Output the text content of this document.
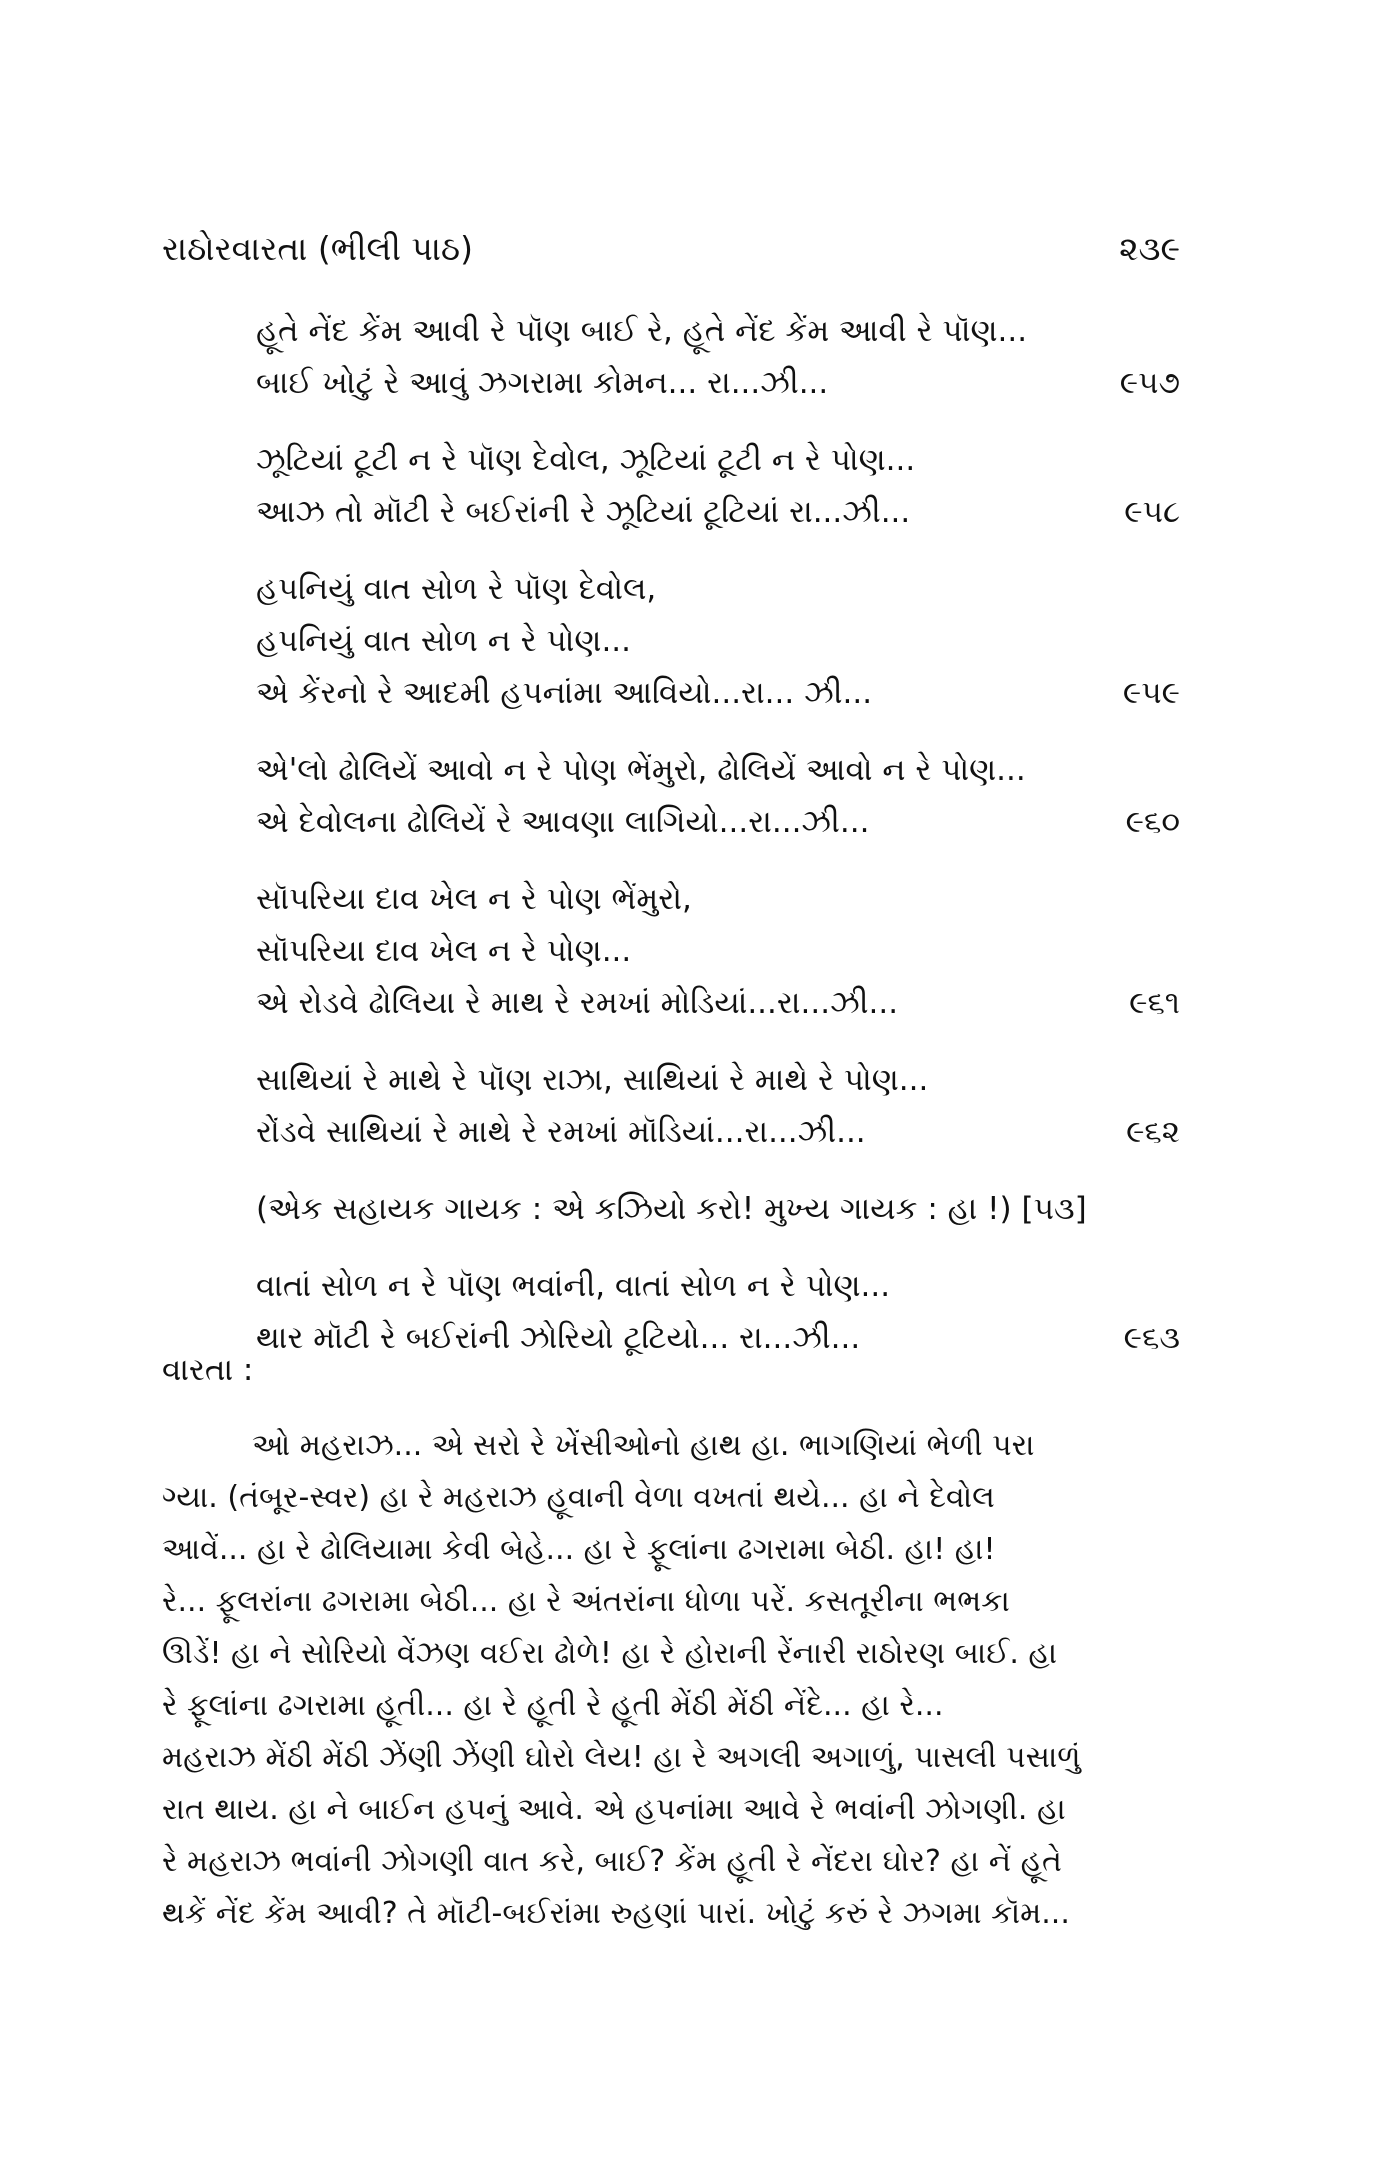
રાઠોરવારતા (ભીલી પાઠ)	૨૩૯
હૂતે નેંદ કેંમ આવી રે પૉણ બાઈ રે, હૂતે નેંદ કેંમ આવી રે પૉણ...
બાઈ ખોટું રે આવું ઝગરામા કોમન... રા...ઝી...	૯૫૭
ઝૂટિયાં ટૂટી ન રે પૉણ દેવોલ, ઝૂટિયાં ટૂટી ન રે પોણ...
આઝ તો મૉટી રે બઈરાંની રે ઝૂટિયાં ટૂટિયાં રા...ઝી...	૯૫૮
હપનિયું વાત સોળ રે પૉણ દેવોલ,
હપનિયું વાત સોળ ન રે પોણ...
એ કેંરનો રે આદમી હપનાંમા આવિયો...રા... ઝી...	૯૫૯
એ'લો ઢોલિયેં આવો ન રે પોણ ભેંમુરો, ઢોલિયેં આવો ન રે પોણ...
એ દેવોલના ઢોલિયેં રે આવણા લાગિયો...રા...ઝી...	૯૬૦
સૉપરિયા દાવ ખેલ ન રે પોણ ભેંમુરો,
સૉપરિયા દાવ ખેલ ન રે પોણ...
એ રોડવે ઢોલિયા રે માથ રે રમખાં મોડિયાં...રા...ઝી...	૯૬૧
સાથિયાં રે માથે રે પૉણ રાઝા, સાથિયાં રે માથે રે પોણ...
રોંડવે સાથિયાં રે માથે રે રમખાં મૉડિયાં...રા...ઝી...	૯૬૨
(એક સહાયક ગાયક : એ કઝિયો કરો! મુખ્ય ગાયક : હા !) [૫૩]
વાતાં સોળ ન રે પૉણ ભવાંની, વાતાં સોળ ન રે પોણ...
થાર મૉટી રે બઈરાંની ઝોરિયો ટૂટિયો... રા...ઝી...	૯૬૩
વારતા :
ઓ મહરાઝ... એ સરો રે ખેંસીઓનો હાથ હા. ભાગણિયાં ભેળી પરા
ગ્યા. (તંબૂર-સ્વર) હા રે મહરાઝ હૂવાની વેળા વખતાં થયે... હા ને દેવોલ
આવેં... હા રે ઢોલિયામા કેવી બેહે... હા રે ફૂલાંના ઢગરામા બેઠી. હા! હા!
રે... ફૂલરાંના ઢગરામા બેઠી... હા રે અંતરાંના ધોળા પરેં. કસતૂરીના ભભકા
ઊડેં! હા ને સોરિયો વેંઝણ વઈરા ઢોળે! હા રે હોરાની રેંનારી રાઠોરણ બાઈ. હા
રે ફૂલાંના ઢગરામા હૂતી... હા રે હૂતી રે હૂતી મેંઠી મેંઠી નેંદે... હા રે...
મહરાઝ મેંઠી મેંઠી ઝેંણી ઝેંણી ઘોરો લેય! હા રે અગલી અગાળું, પાસલી પસાળું
રાત થાય. હા ને બાઈન હપનું આવે. એ હપનાંમા આવે રે ભવાંની ઝોગણી. હા
રે મહરાઝ ભવાંની ઝોગણી વાત કરે, બાઈ? કેંમ હૂતી રે નેંદરા ઘોર? હા નેં હૂતે
થકેં નેંદ કેંમ આવી? તે મૉટી-બઈરાંમા રુહણાં પારાં. ખોટું કરું રે ઝગમા કૉમ...
